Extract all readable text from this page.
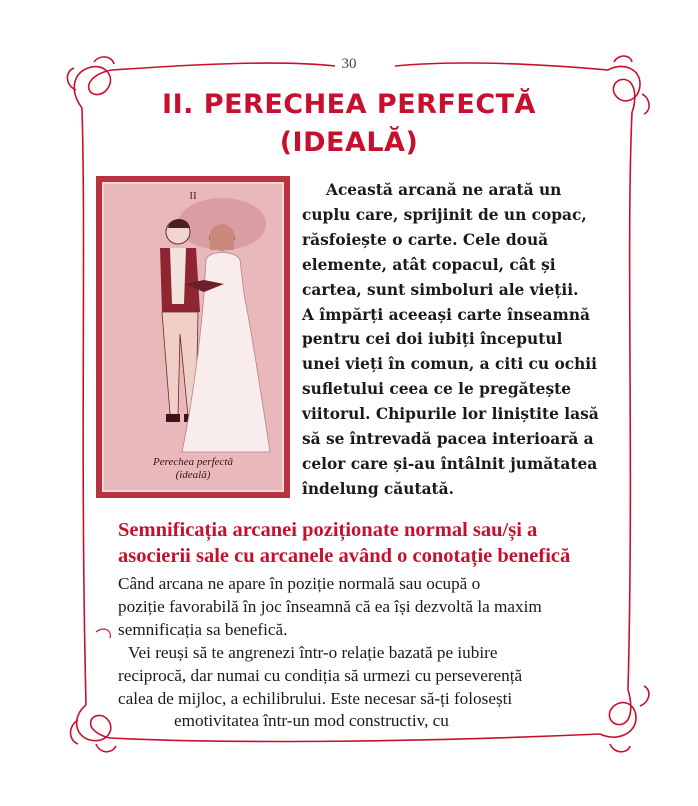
30
II. PERECHEA PERFECTĂ
(IDEALĂ)
II
Perechea perfectă
(ideală)
Această arcană ne arată un
cuplu care, sprijinit de un copac,
răsfoiește o carte. Cele două
elemente, atât copacul, cât și
cartea, sunt simboluri ale vieții.
A împărți aceeași carte înseamnă
pentru cei doi iubiți începutul
unei vieți în comun, a citi cu ochii
sufletului ceea ce le pregătește
viitorul. Chipurile lor liniștite lasă
să se întrevadă pacea interioară a
celor care și-au întâlnit jumătatea
îndelung căutată.
Semnificația arcanei poziționate normal sau/și a
asocierii sale cu arcanele având o conotație benefică
Când arcana ne apare în poziție normală sau ocupă o
poziție favorabilă în joc înseamnă că ea își dezvoltă la maxim
semnificația sa benefică.
Vei reuși să te angrenezi într-o relație bazată pe iubire
reciprocă, dar numai cu condiția să urmezi cu perseverență
calea de mijloc, a echilibrului. Este necesar să-ți folosești
emotivitatea într-un mod constructiv, cu
